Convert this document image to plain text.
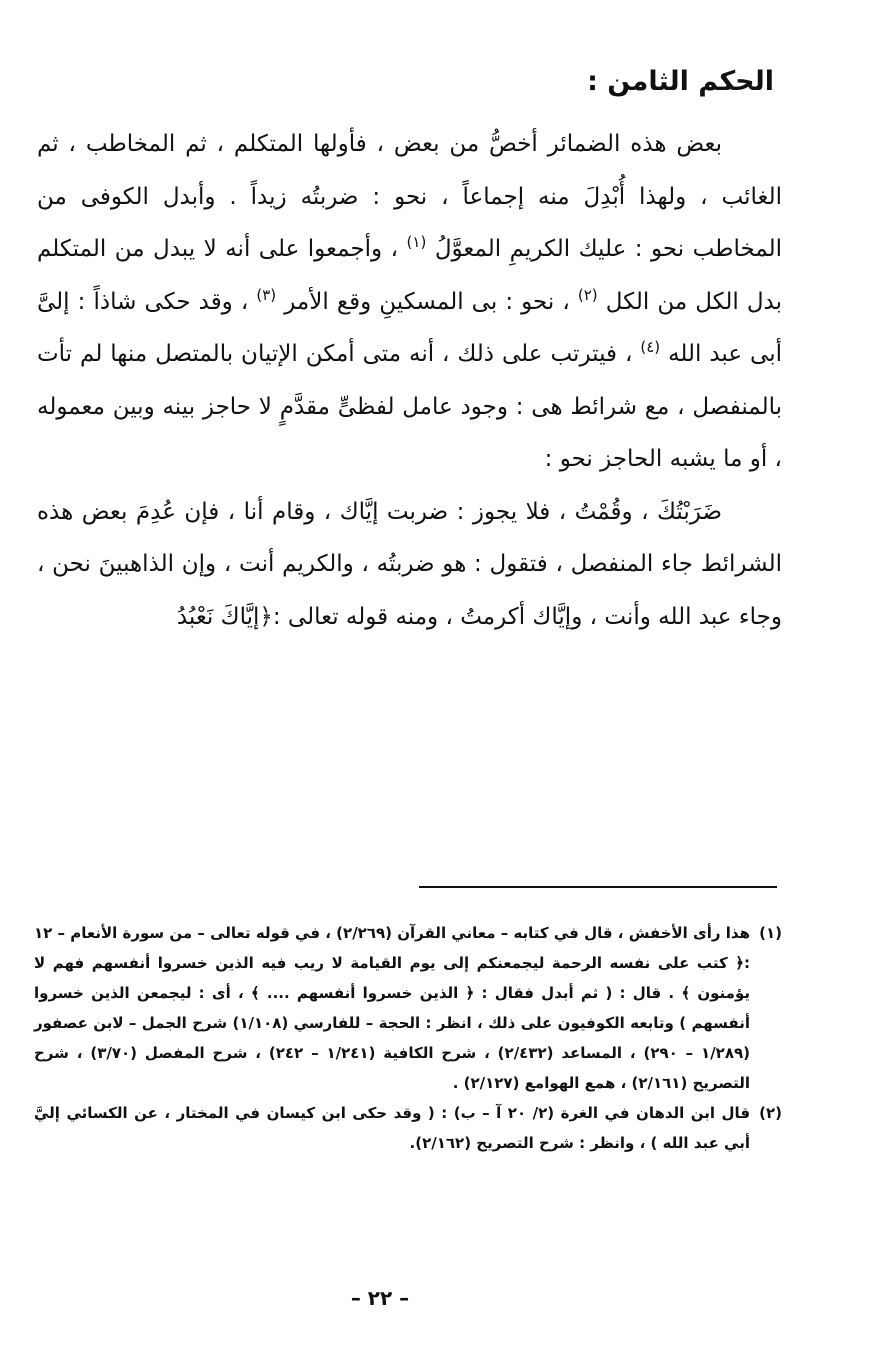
الحكم الثامن :

بعض هذه الضمائر أخصُّ من بعض ، فأولها المتكلم ، ثم المخاطب ، ثم الغائب ، ولهذا أُبْدِلَ منه إجماعاً ، نحو : ضربتُه زيداً . وأبدل الكوفى من المخاطب نحو : عليك الكريمِ المعوَّلُ $^{(١)}$ ، وأجمعوا على أنه لا يبدل من المتكلم بدل الكل من الكل $^{(٢)}$ ، نحو : بى المسكينِ وقع الأمر $^{(٣)}$ ، وقد حكى شاذاً : إلىَّ أبى عبد الله $^{(٤)}$ ، فيترتب على ذلك ، أنه متى أمكن الإتيان بالمتصل منها لم تأت بالمنفصل ، مع شرائط هى : وجود عامل لفظىٍّ مقدَّمٍ لا حاجز بينه وبين معموله ، أو ما يشبه الحاجز نحو :

ضَرَبْتُكَ ، وقُمْتُ ، فلا يجوز : ضربت إيَّاك ، وقام أنا ، فإن عُدِمَ بعض هذه الشرائط جاء المنفصل ، فتقول : هو ضربتُه ، والكريم أنت ، وإن الذاهبينَ نحن ، وجاء عبد الله وأنت ، وإيَّاك أكرمتُ ، ومنه قوله تعالى :﴿إيَّاكَ نَعْبُدُ

(١)
هذا رأى الأخفش ، قال في كتابه – معاني القرآن (٢/٢٦٩) ، في قوله تعالى – من سورة الأنعام – ١٢ :﴿ كتب على نفسه الرحمة ليجمعنكم إلى يوم القيامة لا ريب فيه الذين خسروا أنفسهم فهم لا يؤمنون ﴾ . قال : ( ثم أبدل فقال : ﴿ الذين خسروا أنفسهم .... ﴾ ، أى : ليجمعن الذين خسروا أنفسهم ) وتابعه الكوفيون على ذلك ، انظر : الحجة – للفارسي (١/١٠٨) شرح الجمل – لابن عصفور (١/٢٨٩ – ٢٩٠) ، المساعد (٢/٤٣٢) ، شرح الكافية (١/٢٤١ – ٢٤٢) ، شرح المفصل (٣/٧٠) ، شرح التصريح (٢/١٦١) ، همع الهوامع (٢/١٢٧) .
(٢)
قال ابن الدهان في الغرة (٢/ ٢٠ آ – ب) : ( وقد حكى ابن كيسان في المختار ، عن الكسائي إليَّ أبي عبد الله ) ، وانظر : شرح التصريح (٢/١٦٢).
– ٢٢ –
